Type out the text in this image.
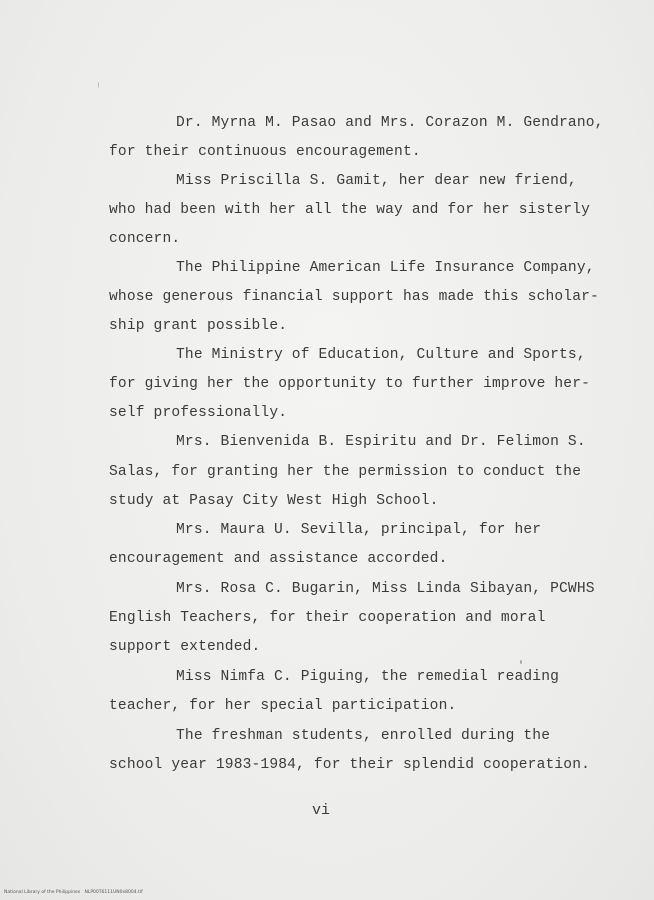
Dr. Myrna M. Pasao and Mrs. Corazon M. Gendrano,
for their continuous encouragement.
Miss Priscilla S. Gamit, her dear new friend,
who had been with her all the way and for her sisterly
concern.
The Philippine American Life Insurance Company,
whose generous financial support has made this scholar-
ship grant possible.
The Ministry of Education, Culture and Sports,
for giving her the opportunity to further improve her-
self professionally.
Mrs. Bienvenida B. Espiritu and Dr. Felimon S.
Salas, for granting her the permission to conduct the
study at Pasay City West High School.
Mrs. Maura U. Sevilla, principal, for her
encouragement and assistance accorded.
Mrs. Rosa C. Bugarin, Miss Linda Sibayan, PCWHS
English Teachers, for their cooperation and moral
support extended.
Miss Nimfa C. Piguing, the remedial reading
teacher, for her special participation.
The freshman students, enrolled during the
school year 1983-1984, for their splendid cooperation.
vi
National Library of the Philippines   NLP00T6111UN0x8004.tif
